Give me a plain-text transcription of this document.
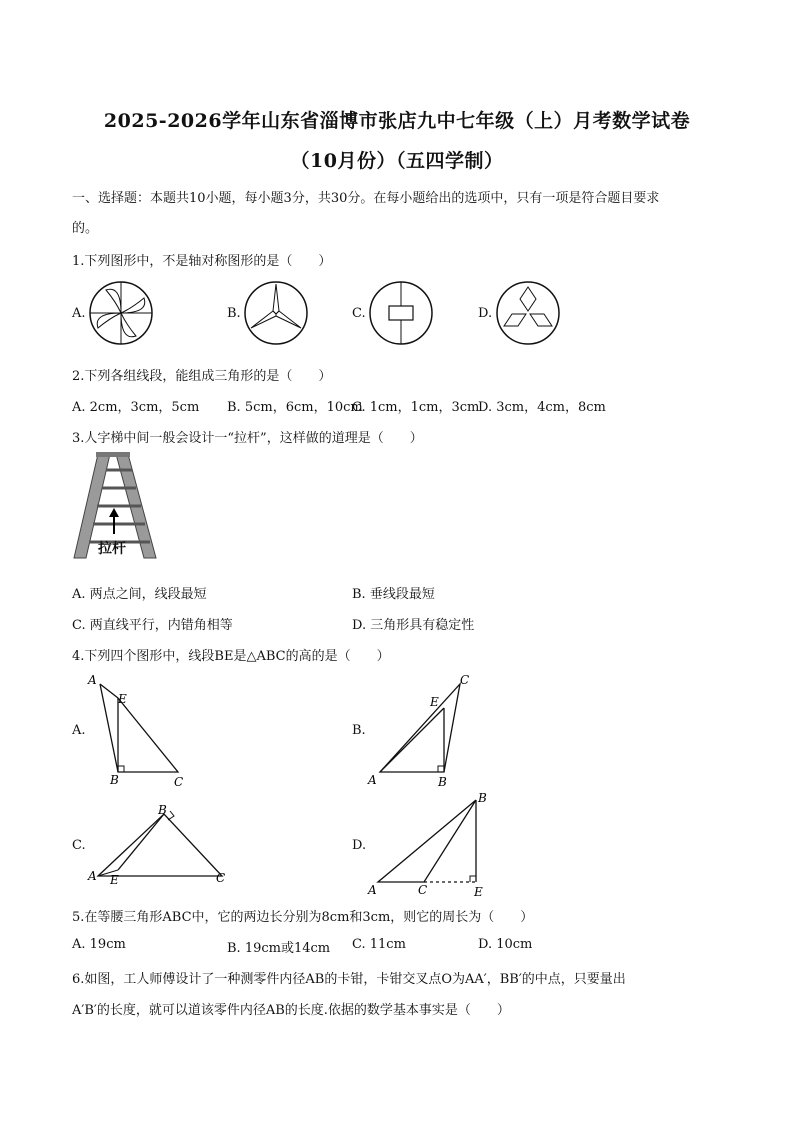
2025-2026学年山东省淄博市张店九中七年级（上）月考数学试卷
（10月份）（五四学制）
一、选择题：本题共10小题，每小题3分，共30分。在每小题给出的选项中，只有一项是符合题目要求
的。
1.下列图形中，不是轴对称图形的是（　　）
A.	B.	C.	D.
2.下列各组线段，能组成三角形的是（　　）
A. 2cm，3cm，5cm B. 5cm，6cm，10cm
C. 1cm，1cm，3cm
D. 3cm，4cm，8cm
3.人字梯中间一般会设计一“拉杆”，这样做的道理是（　　）
拉杆
A. 两点之间，线段最短	B. 垂线段最短
C. 两直线平行，内错角相等	D. 三角形具有稳定性
4.下列四个图形中，线段BE是△ABC的高的是（　　）
A.	B.
C.	D.
A
E
B	C	A
E
B
C
B
A E	C
B
A	C	E
5.在等腰三角形ABC中，它的两边长分别为8cm和3cm，则它的周长为（　　）
A. 19cm	B. 19cm或14cm C. 11cm	D. 10cm
6.如图，工人师傅设计了一种测零件内径AB的卡钳，卡钳交叉点O为AA′，BB′的中点，只要量出
A′B′的长度，就可以道该零件内径AB的长度.依据的数学基本事实是（　　）
